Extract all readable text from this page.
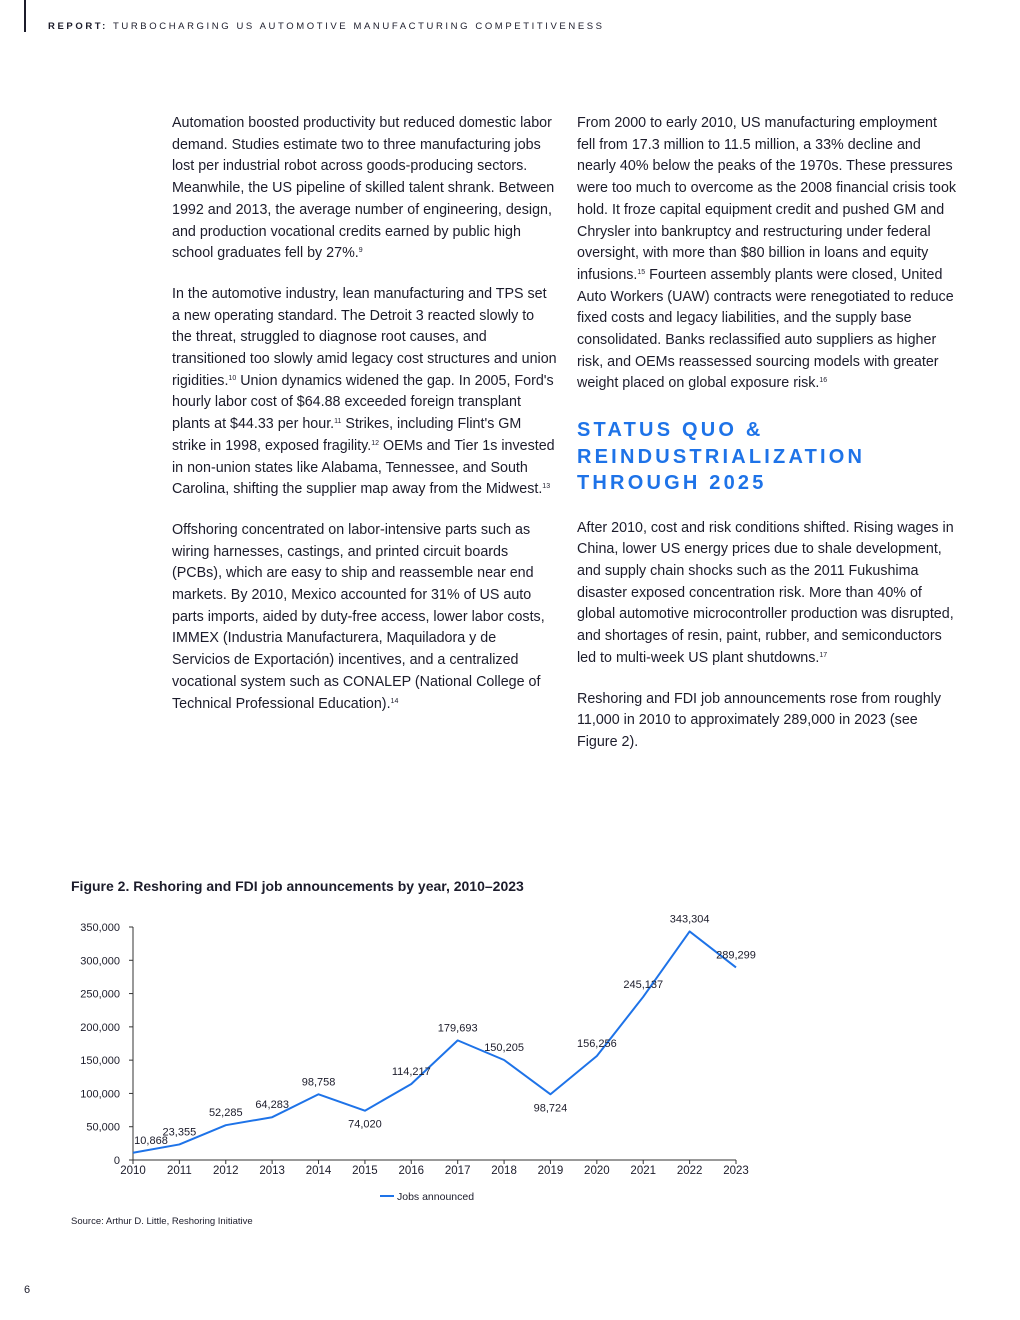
REPORT: TURBOCHARGING US AUTOMOTIVE MANUFACTURING COMPETITIVENESS

Automation boosted productivity but reduced domestic labor demand. Studies estimate two to three manufacturing jobs lost per industrial robot across goods-producing sectors. Meanwhile, the US pipeline of skilled talent shrank. Between 1992 and 2013, the average number of engineering, design, and production vocational credits earned by public high school graduates fell by 27%.$^9$

In the automotive industry, lean manufacturing and TPS set a new operating standard. The Detroit 3 reacted slowly to the threat, struggled to diagnose root causes, and transitioned too slowly amid legacy cost structures and union rigidities.$^{10}$ Union dynamics widened the gap. In 2005, Ford's hourly labor cost of $64.88 exceeded foreign transplant plants at $44.33 per hour.$^{11}$ Strikes, including Flint's GM strike in 1998, exposed fragility.$^{12}$ OEMs and Tier 1s invested in non-union states like Alabama, Tennessee, and South Carolina, shifting the supplier map away from the Midwest.$^{13}$

Offshoring concentrated on labor-intensive parts such as wiring harnesses, castings, and printed circuit boards (PCBs), which are easy to ship and reassemble near end markets. By 2010, Mexico accounted for 31% of US auto parts imports, aided by duty-free access, lower labor costs, IMMEX (Industria Manufacturera, Maquiladora y de Servicios de Exportación) incentives, and a centralized vocational system such as CONALEP (National College of Technical Professional Education).$^{14}$

From 2000 to early 2010, US manufacturing employment fell from 17.3 million to 11.5 million, a 33% decline and nearly 40% below the peaks of the 1970s. These pressures were too much to overcome as the 2008 financial crisis took hold. It froze capital equipment credit and pushed GM and Chrysler into bankruptcy and restructuring under federal oversight, with more than $80 billion in loans and equity infusions.$^{15}$ Fourteen assembly plants were closed, United Auto Workers (UAW) contracts were renegotiated to reduce fixed costs and legacy liabilities, and the supply base consolidated. Banks reclassified auto suppliers as higher risk, and OEMs reassessed sourcing models with greater weight placed on global exposure risk.$^{16}$

STATUS QUO & REINDUSTRIALIZATION THROUGH 2025

After 2010, cost and risk conditions shifted. Rising wages in China, lower US energy prices due to shale development, and supply chain shocks such as the 2011 Fukushima disaster exposed concentration risk. More than 40% of global automotive microcontroller production was disrupted, and shortages of resin, paint, rubber, and semiconductors led to multi-week US plant shutdowns.$^{17}$

Reshoring and FDI job announcements rose from roughly 11,000 in 2010 to approximately 289,000 in 2023 (see Figure 2).

Figure 2. Reshoring and FDI job announcements by year, 2010–2023
0
50,000
100,000
150,000
200,000
250,000
300,000
350,000
2010 2011 2012 2013 2014 2015 2016 2017 2018 2019 2020 2021 2022 2023
10,868
23,355
52,285
64,283
98,758
74,020
114,217
179,693
150,205
98,724
156,256
245,137
343,304
289,299
Jobs announced
Source: Arthur D. Little, Reshoring Initiative
6
